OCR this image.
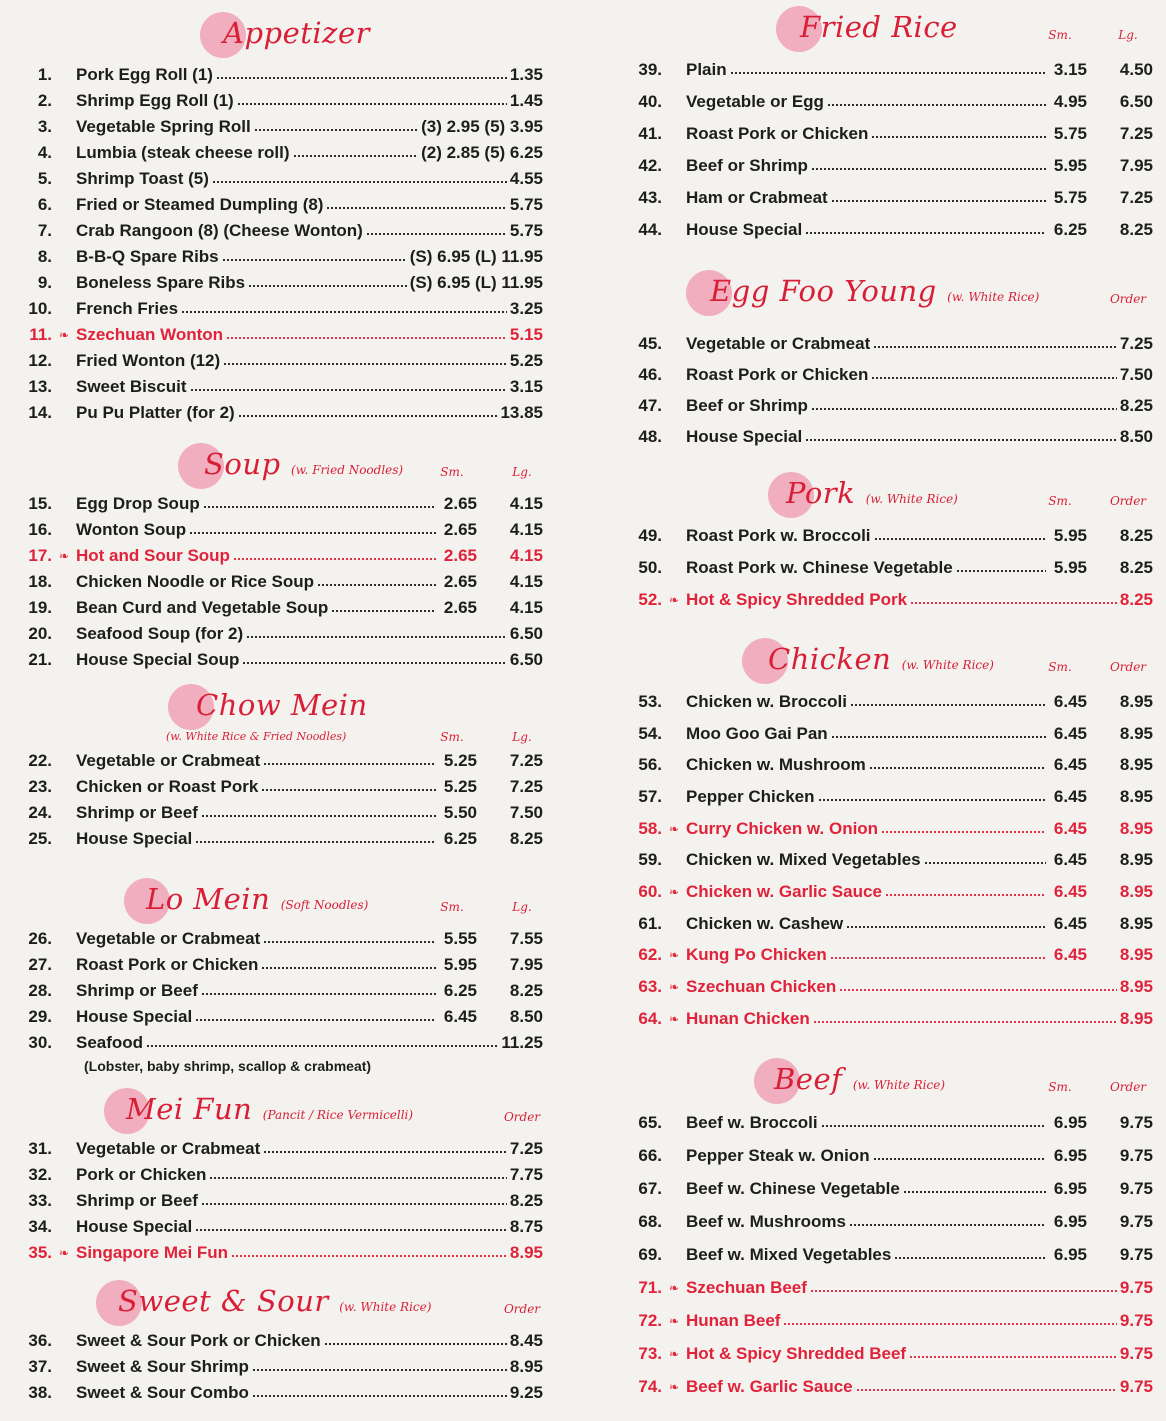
Appetizer
1. Pork Egg Roll (1)	1.35
2. Shrimp Egg Roll (1)	1.45
3. Vegetable Spring Roll	(3) 2.95 (5) 3.95
4. Lumbia (steak cheese roll)	(2) 2.85 (5) 6.25
5. Shrimp Toast (5)	4.55
6. Fried or Steamed Dumpling (8)	5.75
7. Crab Rangoon (8) (Cheese Wonton)	5.75
8. B-B-Q Spare Ribs	(S) 6.95 (L) 11.95
9. Boneless Spare Ribs	(S) 6.95 (L) 11.95
10. French Fries	3.25
11. ❧ Szechuan Wonton	5.15
12. Fried Wonton (12)	5.25
13. Sweet Biscuit	3.15
14. Pu Pu Platter (for 2)	13.85
Soup (w. Fried Noodles)	Sm.	Lg.
15. Egg Drop Soup	2.65	4.15
16. Wonton Soup	2.65	4.15
17. ❧ Hot and Sour Soup	2.65	4.15
18. Chicken Noodle or Rice Soup	2.65	4.15
19. Bean Curd and Vegetable Soup	2.65	4.15
20. Seafood Soup (for 2)	6.50
21. House Special Soup	6.50
Chow Mein
(w. White Rice & Fried Noodles)	Sm.	Lg.
22. Vegetable or Crabmeat	5.25	7.25
23. Chicken or Roast Pork	5.25	7.25
24. Shrimp or Beef	5.50	7.50
25. House Special	6.25	8.25
Lo Mein (Soft Noodles)	Sm.	Lg.
26. Vegetable or Crabmeat	5.55	7.55
27. Roast Pork or Chicken	5.95	7.95
28. Shrimp or Beef	6.25	8.25
29. House Special	6.45	8.50
30. Seafood	11.25
(Lobster, baby shrimp, scallop & crabmeat)
Mei Fun (Pancit / Rice Vermicelli)	Order
31. Vegetable or Crabmeat	7.25
32. Pork or Chicken	7.75
33. Shrimp or Beef	8.25
34. House Special	8.75
35. ❧ Singapore Mei Fun	8.95
Sweet & Sour (w. White Rice)	Order
36. Sweet & Sour Pork or Chicken	8.45
37. Sweet & Sour Shrimp	8.95
38. Sweet & Sour Combo	9.25
Fried Rice	Sm.	Lg.
39. Plain	3.15	4.50
40. Vegetable or Egg	4.95	6.50
41. Roast Pork or Chicken	5.75	7.25
42. Beef or Shrimp	5.95	7.95
43. Ham or Crabmeat	5.75	7.25
44. House Special	6.25	8.25
Egg Foo Young (w. White Rice)	Order
45. Vegetable or Crabmeat	7.25
46. Roast Pork or Chicken	7.50
47. Beef or Shrimp	8.25
48. House Special	8.50
Pork (w. White Rice)	Sm.	Order
49. Roast Pork w. Broccoli	5.95	8.25
50. Roast Pork w. Chinese Vegetable	5.95	8.25
52. ❧ Hot & Spicy Shredded Pork	8.25
Chicken (w. White Rice)	Sm.	Order
53. Chicken w. Broccoli	6.45	8.95
54. Moo Goo Gai Pan	6.45	8.95
56. Chicken w. Mushroom	6.45	8.95
57. Pepper Chicken	6.45	8.95
58. ❧ Curry Chicken w. Onion	6.45	8.95
59. Chicken w. Mixed Vegetables	6.45	8.95
60. ❧ Chicken w. Garlic Sauce	6.45	8.95
61. Chicken w. Cashew	6.45	8.95
62. ❧ Kung Po Chicken	6.45	8.95
63. ❧ Szechuan Chicken	8.95
64. ❧ Hunan Chicken	8.95
Beef (w. White Rice)	Sm.	Order
65. Beef w. Broccoli	6.95	9.75
66. Pepper Steak w. Onion	6.95	9.75
67. Beef w. Chinese Vegetable	6.95	9.75
68. Beef w. Mushrooms	6.95	9.75
69. Beef w. Mixed Vegetables	6.95	9.75
71. ❧ Szechuan Beef	9.75
72. ❧ Hunan Beef	9.75
73. ❧ Hot & Spicy Shredded Beef	9.75
74. ❧ Beef w. Garlic Sauce	9.75
